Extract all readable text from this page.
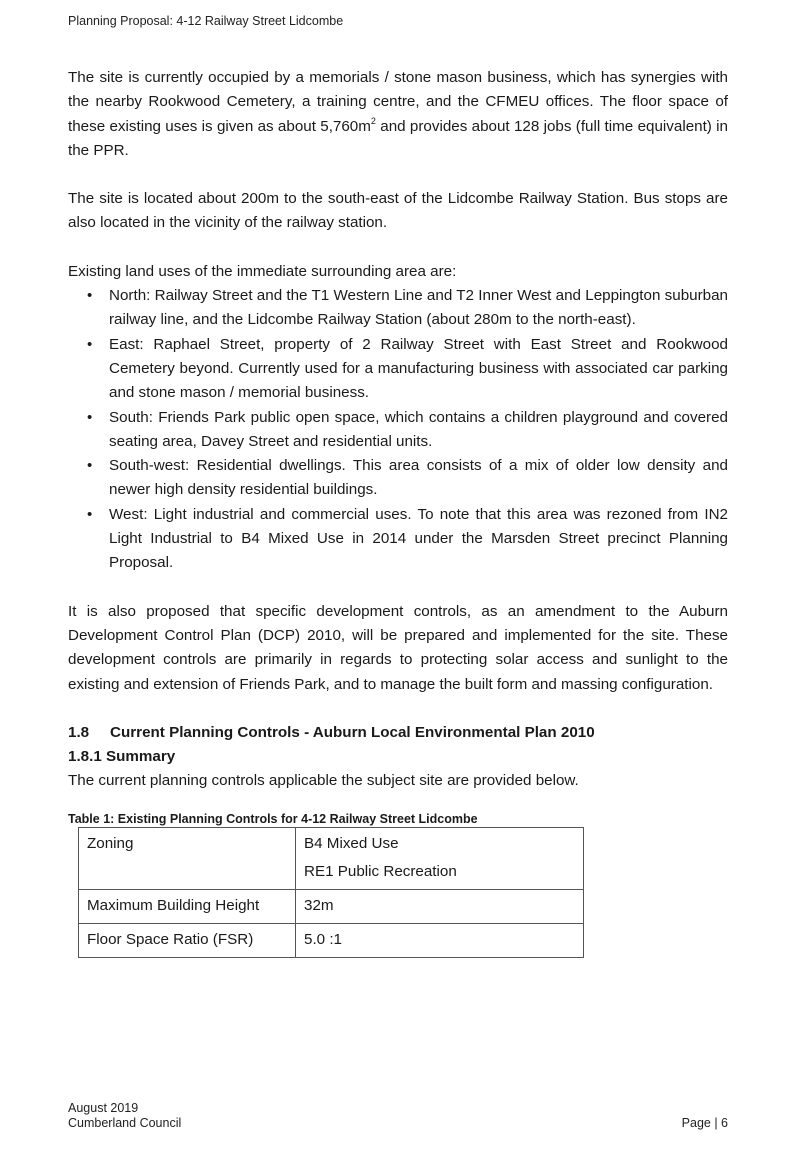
Planning Proposal: 4-12 Railway Street Lidcombe

The site is currently occupied by a memorials / stone mason business, which has synergies with the nearby Rookwood Cemetery, a training centre, and the CFMEU offices. The floor space of these existing uses is given as about $5,760m^2$ and provides about 128 jobs (full time equivalent) in the PPR.

The site is located about 200m to the south-east of the Lidcombe Railway Station. Bus stops are also located in the vicinity of the railway station.

Existing land uses of the immediate surrounding area are:

• North: Railway Street and the T1 Western Line and T2 Inner West and Leppington suburban railway line, and the Lidcombe Railway Station (about 280m to the north-east).
• East: Raphael Street, property of 2 Railway Street with East Street and Rookwood Cemetery beyond. Currently used for a manufacturing business with associated car parking and stone mason / memorial business.
• South: Friends Park public open space, which contains a children playground and covered seating area, Davey Street and residential units.
• South-west: Residential dwellings. This area consists of a mix of older low density and newer high density residential buildings.
• West: Light industrial and commercial uses. To note that this area was rezoned from IN2 Light Industrial to B4 Mixed Use in 2014 under the Marsden Street precinct Planning Proposal.

It is also proposed that specific development controls, as an amendment to the Auburn Development Control Plan (DCP) 2010, will be prepared and implemented for the site. These development controls are primarily in regards to protecting solar access and sunlight to the existing and extension of Friends Park, and to manage the built form and massing configuration.

1.8 Current Planning Controls - Auburn Local Environmental Plan 2010

1.8.1 Summary

The current planning controls applicable the subject site are provided below.

Table 1: Existing Planning Controls for 4-12 Railway Street Lidcombe
Zoning	B4 Mixed Use
RE1 Public Recreation

Maximum Building Height	32m
Floor Space Ratio (FSR)	5.0 :1
August 2019
Cumberland Council	Page | 6
